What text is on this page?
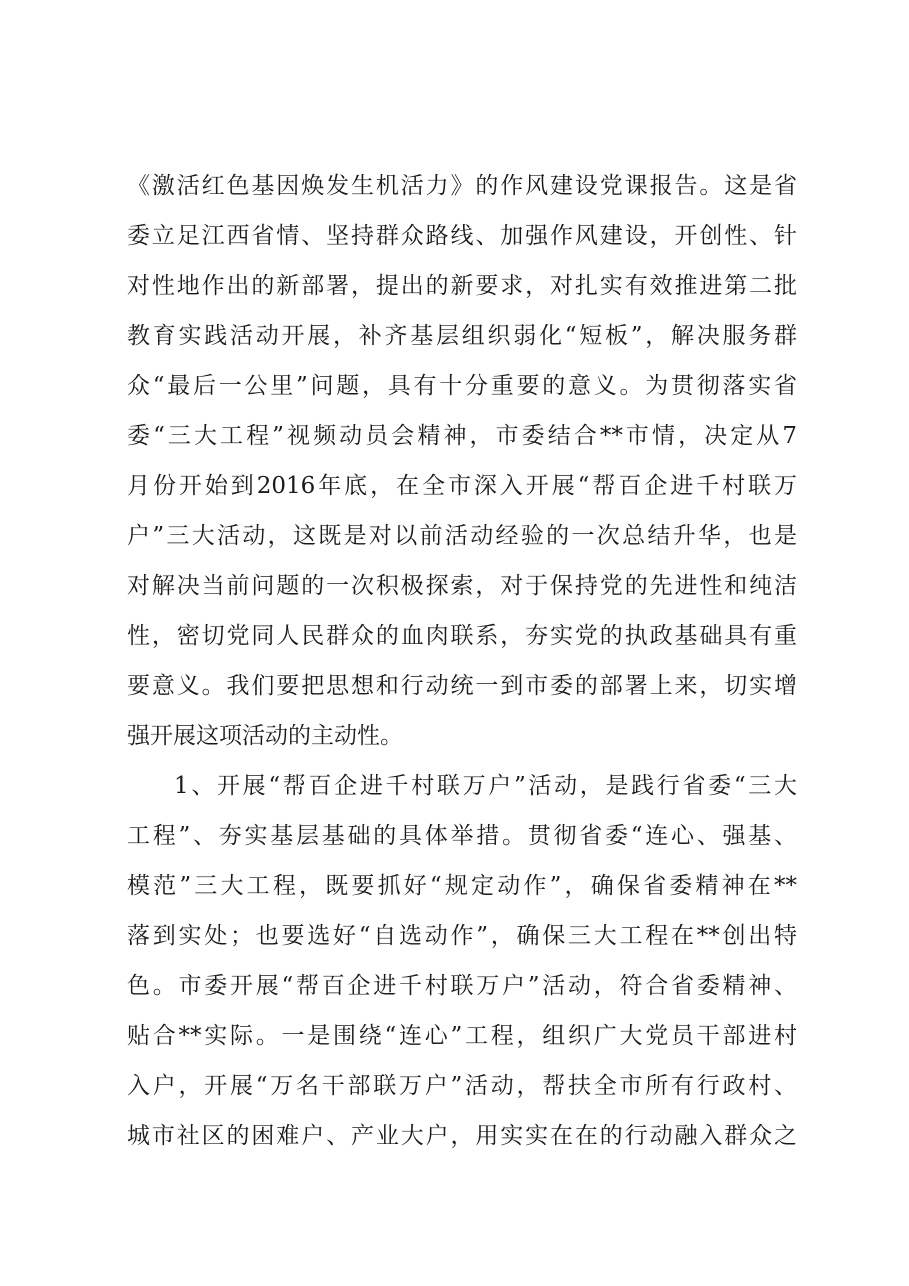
《激活红色基因焕发生机活力》的作风建设党课报告。这是省
委立足江西省情、坚持群众路线、加强作风建设，开创性、针
对性地作出的新部署，提出的新要求，对扎实有效推进第二批
教育实践活动开展，补齐基层组织弱化“短板”，解决服务群
众“最后一公里”问题，具有十分重要的意义。为贯彻落实省
委“三大工程”视频动员会精神，市委结合**市情，决定从7
月份开始到2016年底，在全市深入开展“帮百企进千村联万
户”三大活动，这既是对以前活动经验的一次总结升华，也是
对解决当前问题的一次积极探索，对于保持党的先进性和纯洁
性，密切党同人民群众的血肉联系，夯实党的执政基础具有重
要意义。我们要把思想和行动统一到市委的部署上来，切实增
强开展这项活动的主动性。
1、开展“帮百企进千村联万户”活动，是践行省委“三大
工程”、夯实基层基础的具体举措。贯彻省委“连心、强基、
模范”三大工程，既要抓好“规定动作”，确保省委精神在**
落到实处；也要选好“自选动作”，确保三大工程在**创出特
色。市委开展“帮百企进千村联万户”活动，符合省委精神、
贴合**实际。一是围绕“连心”工程，组织广大党员干部进村
入户，开展“万名干部联万户”活动，帮扶全市所有行政村、
城市社区的困难户、产业大户，用实实在在的行动融入群众之
